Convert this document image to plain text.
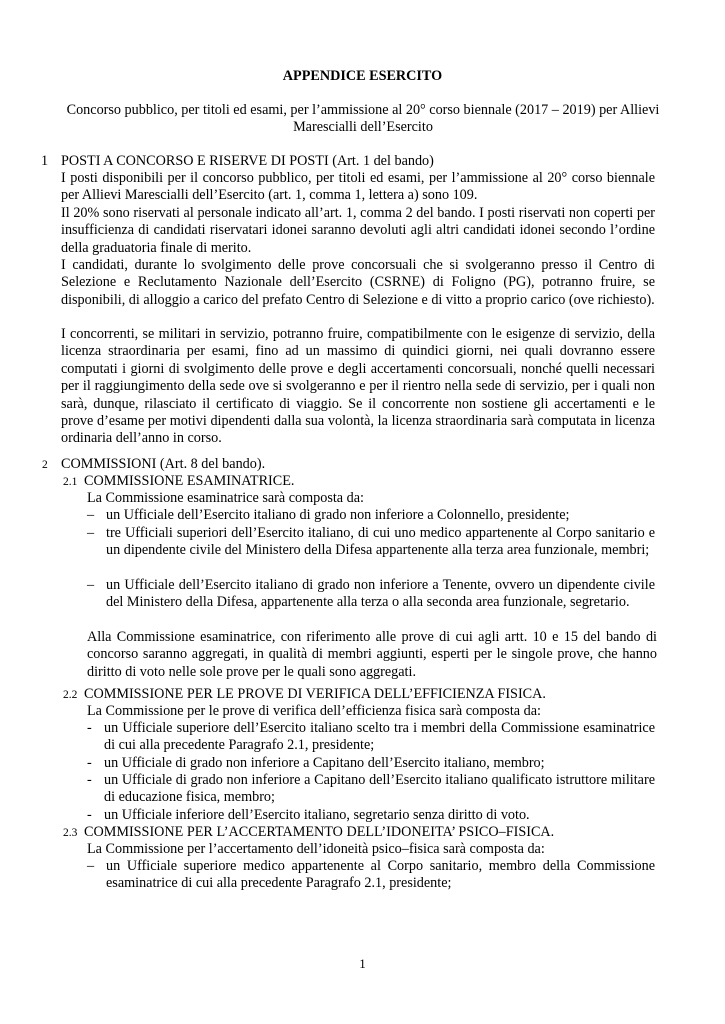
APPENDICE ESERCITO
Concorso pubblico, per titoli ed esami, per l’ammissione al 20° corso biennale (2017 – 2019) per Allievi Marescialli dell’Esercito
1 POSTI A CONCORSO E RISERVE DI POSTI (Art. 1 del bando)
I posti disponibili per il concorso pubblico, per titoli ed esami, per l’ammissione al 20° corso biennale per Allievi Marescialli dell’Esercito (art. 1, comma 1, lettera a) sono 109.
Il 20% sono riservati al personale indicato all’art. 1, comma 2 del bando. I posti riservati non coperti per insufficienza di candidati riservatari idonei saranno devoluti agli altri candidati idonei secondo l’ordine della graduatoria finale di merito.
I candidati, durante lo svolgimento delle prove concorsuali che si svolgeranno presso il Centro di Selezione e Reclutamento Nazionale dell’Esercito (CSRNE) di Foligno (PG), potranno fruire, se disponibili, di alloggio a carico del prefato Centro di Selezione e di vitto a proprio carico (ove richiesto).
I concorrenti, se militari in servizio, potranno fruire, compatibilmente con le esigenze di servizio, della licenza straordinaria per esami, fino ad un massimo di quindici giorni, nei quali dovranno essere computati i giorni di svolgimento delle prove e degli accertamenti concorsuali, nonché quelli necessari per il raggiungimento della sede ove si svolgeranno e per il rientro nella sede di servizio, per i quali non sarà, dunque, rilasciato il certificato di viaggio. Se il concorrente non sostiene gli accertamenti e le prove d’esame per motivi dipendenti dalla sua volontà, la licenza straordinaria sarà computata in licenza ordinaria dell’anno in corso.
2 COMMISSIONI (Art. 8 del bando).
2.1 COMMISSIONE ESAMINATRICE.
La Commissione esaminatrice sarà composta da:
– un Ufficiale dell’Esercito italiano di grado non inferiore a Colonnello, presidente;
– tre Ufficiali superiori dell’Esercito italiano, di cui uno medico appartenente al Corpo sanitario e un dipendente civile del Ministero della Difesa appartenente alla terza area funzionale, membri;
– un Ufficiale dell’Esercito italiano di grado non inferiore a Tenente, ovvero un dipendente civile del Ministero della Difesa, appartenente alla terza o alla seconda area funzionale, segretario.
Alla Commissione esaminatrice, con riferimento alle prove di cui agli artt. 10 e 15 del bando di concorso saranno aggregati, in qualità di membri aggiunti, esperti per le singole prove, che hanno diritto di voto nelle sole prove per le quali sono aggregati.
2.2 COMMISSIONE PER LE PROVE DI VERIFICA DELL’EFFICIENZA FISICA.
La Commissione per le prove di verifica dell’efficienza fisica sarà composta da:
- un Ufficiale superiore dell’Esercito italiano scelto tra i membri della Commissione esaminatrice di cui alla precedente Paragrafo 2.1, presidente;
- un Ufficiale di grado non inferiore a Capitano dell’Esercito italiano, membro;
- un Ufficiale di grado non inferiore a Capitano dell’Esercito italiano qualificato istruttore militare di educazione fisica, membro;
- un Ufficiale inferiore dell’Esercito italiano, segretario senza diritto di voto.
2.3 COMMISSIONE PER L’ACCERTAMENTO DELL’IDONEITA’ PSICO–FISICA.
La Commissione per l’accertamento dell’idoneità psico–fisica sarà composta da:
– un Ufficiale superiore medico appartenente al Corpo sanitario, membro della Commissione esaminatrice di cui alla precedente Paragrafo 2.1, presidente;
1
